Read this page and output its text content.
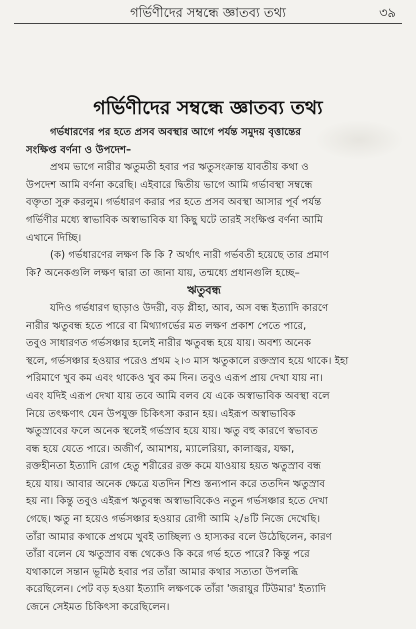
গর্ভিণীদের সম্বন্ধে জ্ঞাতব্য তথ্য	৩৯
গর্ভিণীদের সম্বন্ধে জ্ঞাতব্য তথ্য

গর্ভধারণের পর হতে প্রসব অবস্থার আগে পর্যন্ত সমুদয় বৃত্তান্তের

সংক্ষিপ্ত বর্ণনা ও উপদেশ–

প্রথম ভাগে নারীর ঋতুমতী হবার পর ঋতুসংক্রান্ত যাবতীয় কথা ও

উপদেশ আমি বর্ণনা করেছি। এইবারে দ্বিতীয় ভাগে আমি গর্ভাবস্থা সম্বন্ধে

বক্তৃতা সুরু করলুম। গর্ভধারণ করার পর হতে প্রসব অবস্থা আসার পূর্ব পর্যন্ত

গর্ভিণীর মধ্যে স্বাভাবিক অস্বাভাবিক যা কিছু ঘটে তারই সংক্ষিপ্ত বর্ণনা আমি

এখানে দিচ্ছি।

(ক) গর্ভধারণের লক্ষণ কি কি ? অর্থাৎ নারী গর্ভবতী হয়েছে তার প্রমাণ

কি? অনেকগুলি লক্ষণ দ্বারা তা জানা যায়, তন্মধ্যে প্রধানগুলি হচ্ছে–

ঋতুবন্ধ

যদিও গর্ভধারণ ছাড়াও উদরী, বড় প্লীহা, আব, অস বন্ধ ইত্যাদি কারণে

নারীর ঋতুবন্ধ হতে পারে বা মিথ্যাগর্ভের মত লক্ষণ প্রকাশ পেতে পারে,

তবুও সাধারণত গর্ভসঞ্চার হলেই নারীর ঋতুবন্ধ হয়ে যায়। অবশ্য অনেক

স্থলে, গর্ভসঞ্চার হওয়ার পরেও প্রথম ২।৩ মাস ঋতুকালে রক্তস্রাব হয়ে থাকে। ইহা

পরিমাণে খুব কম এবং থাকেও খুব কম দিন। তবুও এরূপ প্রায় দেখা যায় না।

এবং যদিই এরূপ দেখা যায় তবে আমি বলব যে একে অস্বাভাবিক অবস্থা বলে

নিয়ে তৎক্ষণাৎ যেন উপযুক্ত চিকিৎসা করান হয়। এইরূপ অস্বাভাবিক

ঋতুস্রাবের ফলে অনেক স্থলেই গর্ভস্রাব হয়ে যায়। ঋতু বহু কারণে স্বভাবত

বন্ধ হয়ে যেতে পারে। অজীর্ণ, আমাশয়, ম্যালেরিয়া, কালাজ্বর, যক্ষা,

রক্তহীনতা ইত্যাদি রোগ হেতু শরীরের রক্ত কমে যাওয়ায় হয়ত ঋতুস্রাব বন্ধ

হয়ে যায়। আবার অনেক ক্ষেত্রে যতদিন শিশু স্তন্যপান করে ততদিন ঋতুস্রাব

হয় না। কিন্তু তবুও এইরূপ ঋতুবন্ধ অস্বাভাবিকেও নতুন গর্ভসঞ্চার হতে দেখা

গেছে। ঋতু না হয়েও গর্ভসঞ্চার হওয়ার রোগী আমি ২/৪টি নিজে দেখেছি।

তাঁরা আমার কথাকে প্রথমে খুবই তাচ্ছিল্য ও হাস্যকর বলে উঠেছিলেন, কারণ

তাঁরা বলেন যে ঋতুস্রাব বন্ধ থেকেও কি করে গর্ভ হতে পারে? কিন্তু পরে

যথাকালে সন্তান ভূমিষ্ঠ হবার পর তাঁরা আমার কথার সত্যতা উপলব্ধি

করেছিলেন। পেট বড় হওয়া ইত্যাদি লক্ষণকে তাঁরা 'জরায়ুর টিউমার' ইত্যাদি

জেনে সেইমত চিকিৎসা করেছিলেন।
